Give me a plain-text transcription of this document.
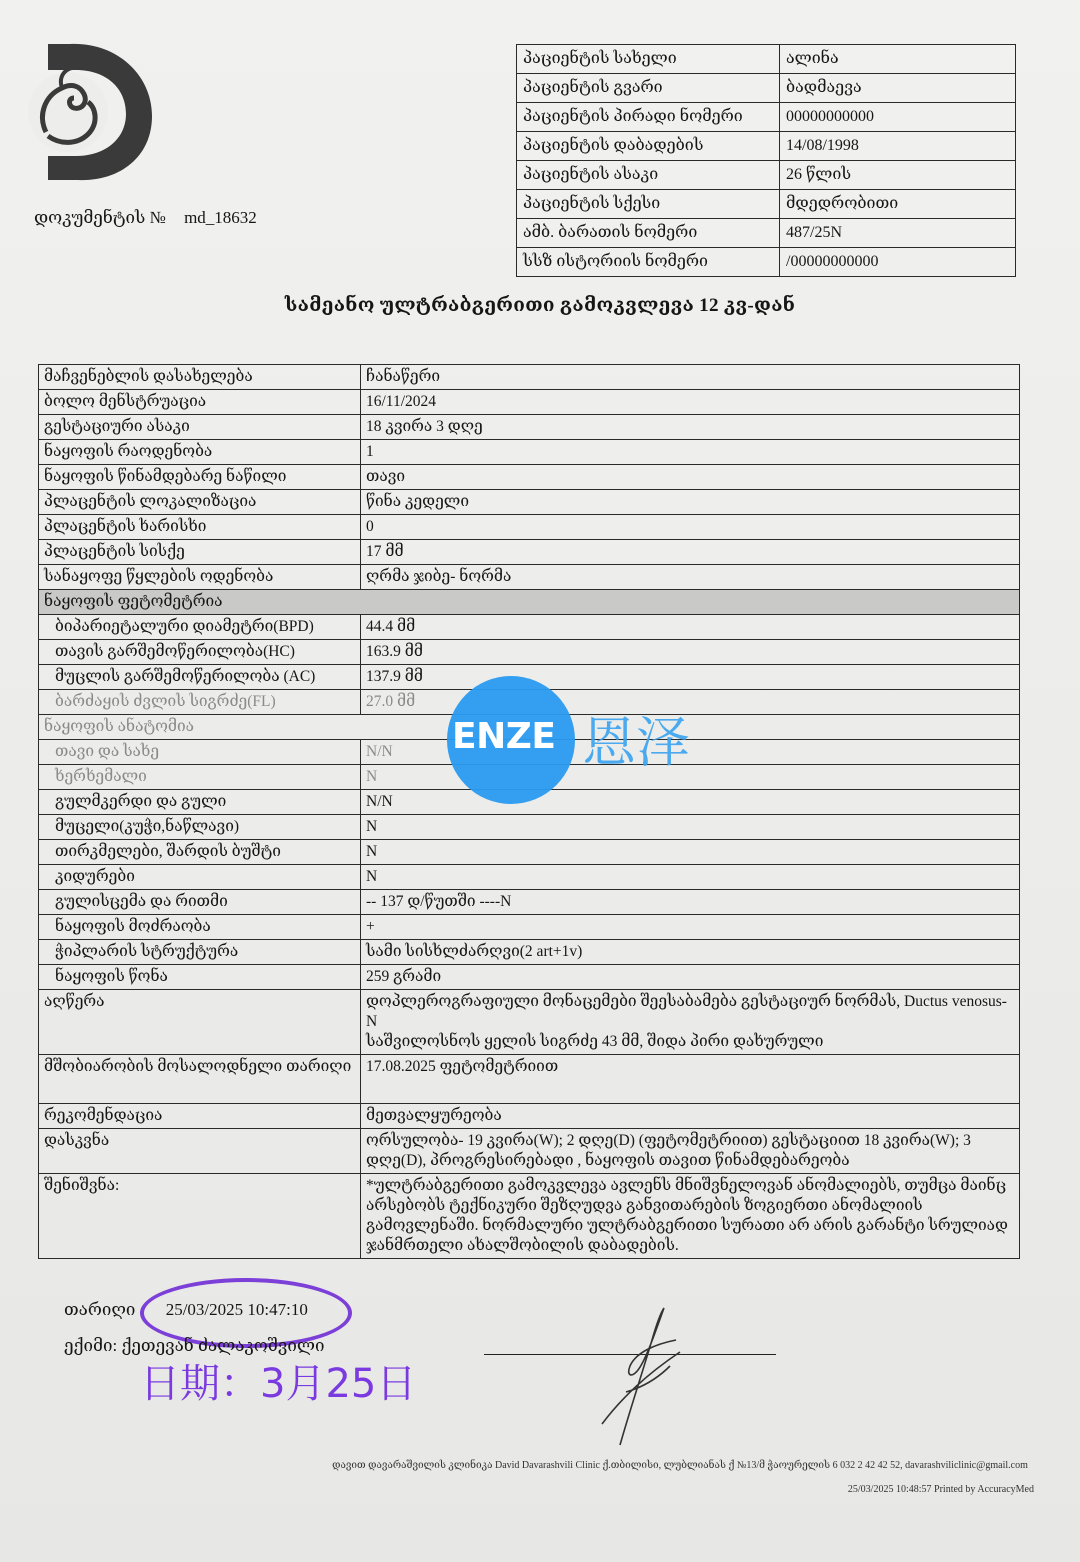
დოკუმენტის № md_18632
პაციენტის სახელი	ალინა
პაციენტის გვარი	ბადმაევა
პაციენტის პირადი ნომერი	00000000000
პაციენტის დაბადების	14/08/1998
პაციენტის ასაკი	26 წლის
პაციენტის სქესი	მდედრობითი
ამბ. ბარათის ნომერი	487/25N
სსზ ისტორიის ნომერი	/00000000000
სამეანო ულტრაბგერითი გამოკვლევა 12 კვ-დან
მაჩვენებლის დასახელება	ჩანაწერი
ბოლო მენსტრუაცია	16/11/2024
გესტაციური ასაკი	18 კვირა 3 დღე
ნაყოფის რაოდენობა	1
ნაყოფის წინამდებარე ნაწილი	თავი
პლაცენტის ლოკალიზაცია	წინა კედელი
პლაცენტის ხარისხი	0
პლაცენტის სისქე	17 მმ
სანაყოფე წყლების ოდენობა	ღრმა ჯიბე- ნორმა
ნაყოფის ფეტომეტრია	
ბიპარიეტალური დიამეტრი(BPD)	44.4 მმ
თავის გარშემოწერილობა(HC)	163.9 მმ
მუცლის გარშემოწერილობა (AC)	137.9 მმ
ბარძაყის ძვლის სიგრძე(FL)	27.0 მმ
ნაყოფის ანატომია	
თავი და სახე	N/N
ხერხემალი	N
გულმკერდი და გული	N/N
მუცელი(კუჭი,ნაწლავი)	N
თირკმელები, შარდის ბუშტი	N
კიდურები	N
გულისცემა და რითმი	-- 137 დ/წუთში ----N
ნაყოფის მოძრაობა	+
ჭიპლარის სტრუქტურა	სამი სისხლძარღვი(2 art+1v)
ნაყოფის წონა	259 გრამი
აღწერა	დოპლეროგრაფიული მონაცემები შეესაბამება გესტაციურ ნორმას, Ductus venosus-N
საშვილოსნოს ყელის სიგრძე 43 მმ, შიდა პირი დახურული

მშობიარობის მოსალოდნელი თარიღი	17.08.2025 ფეტომეტრიით
რეკომენდაცია	მეთვალყურეობა
დასკვნა	ორსულობა- 19 კვირა(W); 2 დღე(D) (ფეტომეტრიით) გესტაციით 18 კვირა(W); 3 დღე(D), პროგრესირებადი , ნაყოფის თავით წინამდებარეობა
შენიშვნა:	*ულტრაბგერითი გამოკვლევა ავლენს მნიშვნელოვან ანომალიებს, თუმცა მაინც არსებობს ტექნიკური შეზღუდვა განვითარების ზოგიერთი ანომალიის გამოვლენაში. ნორმალური ულტრაბგერითი სურათი არ არის გარანტი სრულიად ჯანმრთელი ახალშობილის დაბადების.
ENZE 恩泽
თარიღი 25/03/2025 10:47:10
ექიმი: ქეთევან ძალაკოშვილი
日期：3月25日
დავით დავარაშვილის კლინიკა David Davarashvili Clinic ქ.თბილისი, ლუბლიანას ქ №13/მ ჭაოურელის 6 032 2 42 42 52, davarashviliclinic@gmail.com
25/03/2025 10:48:57 Printed by AccuracyMed
